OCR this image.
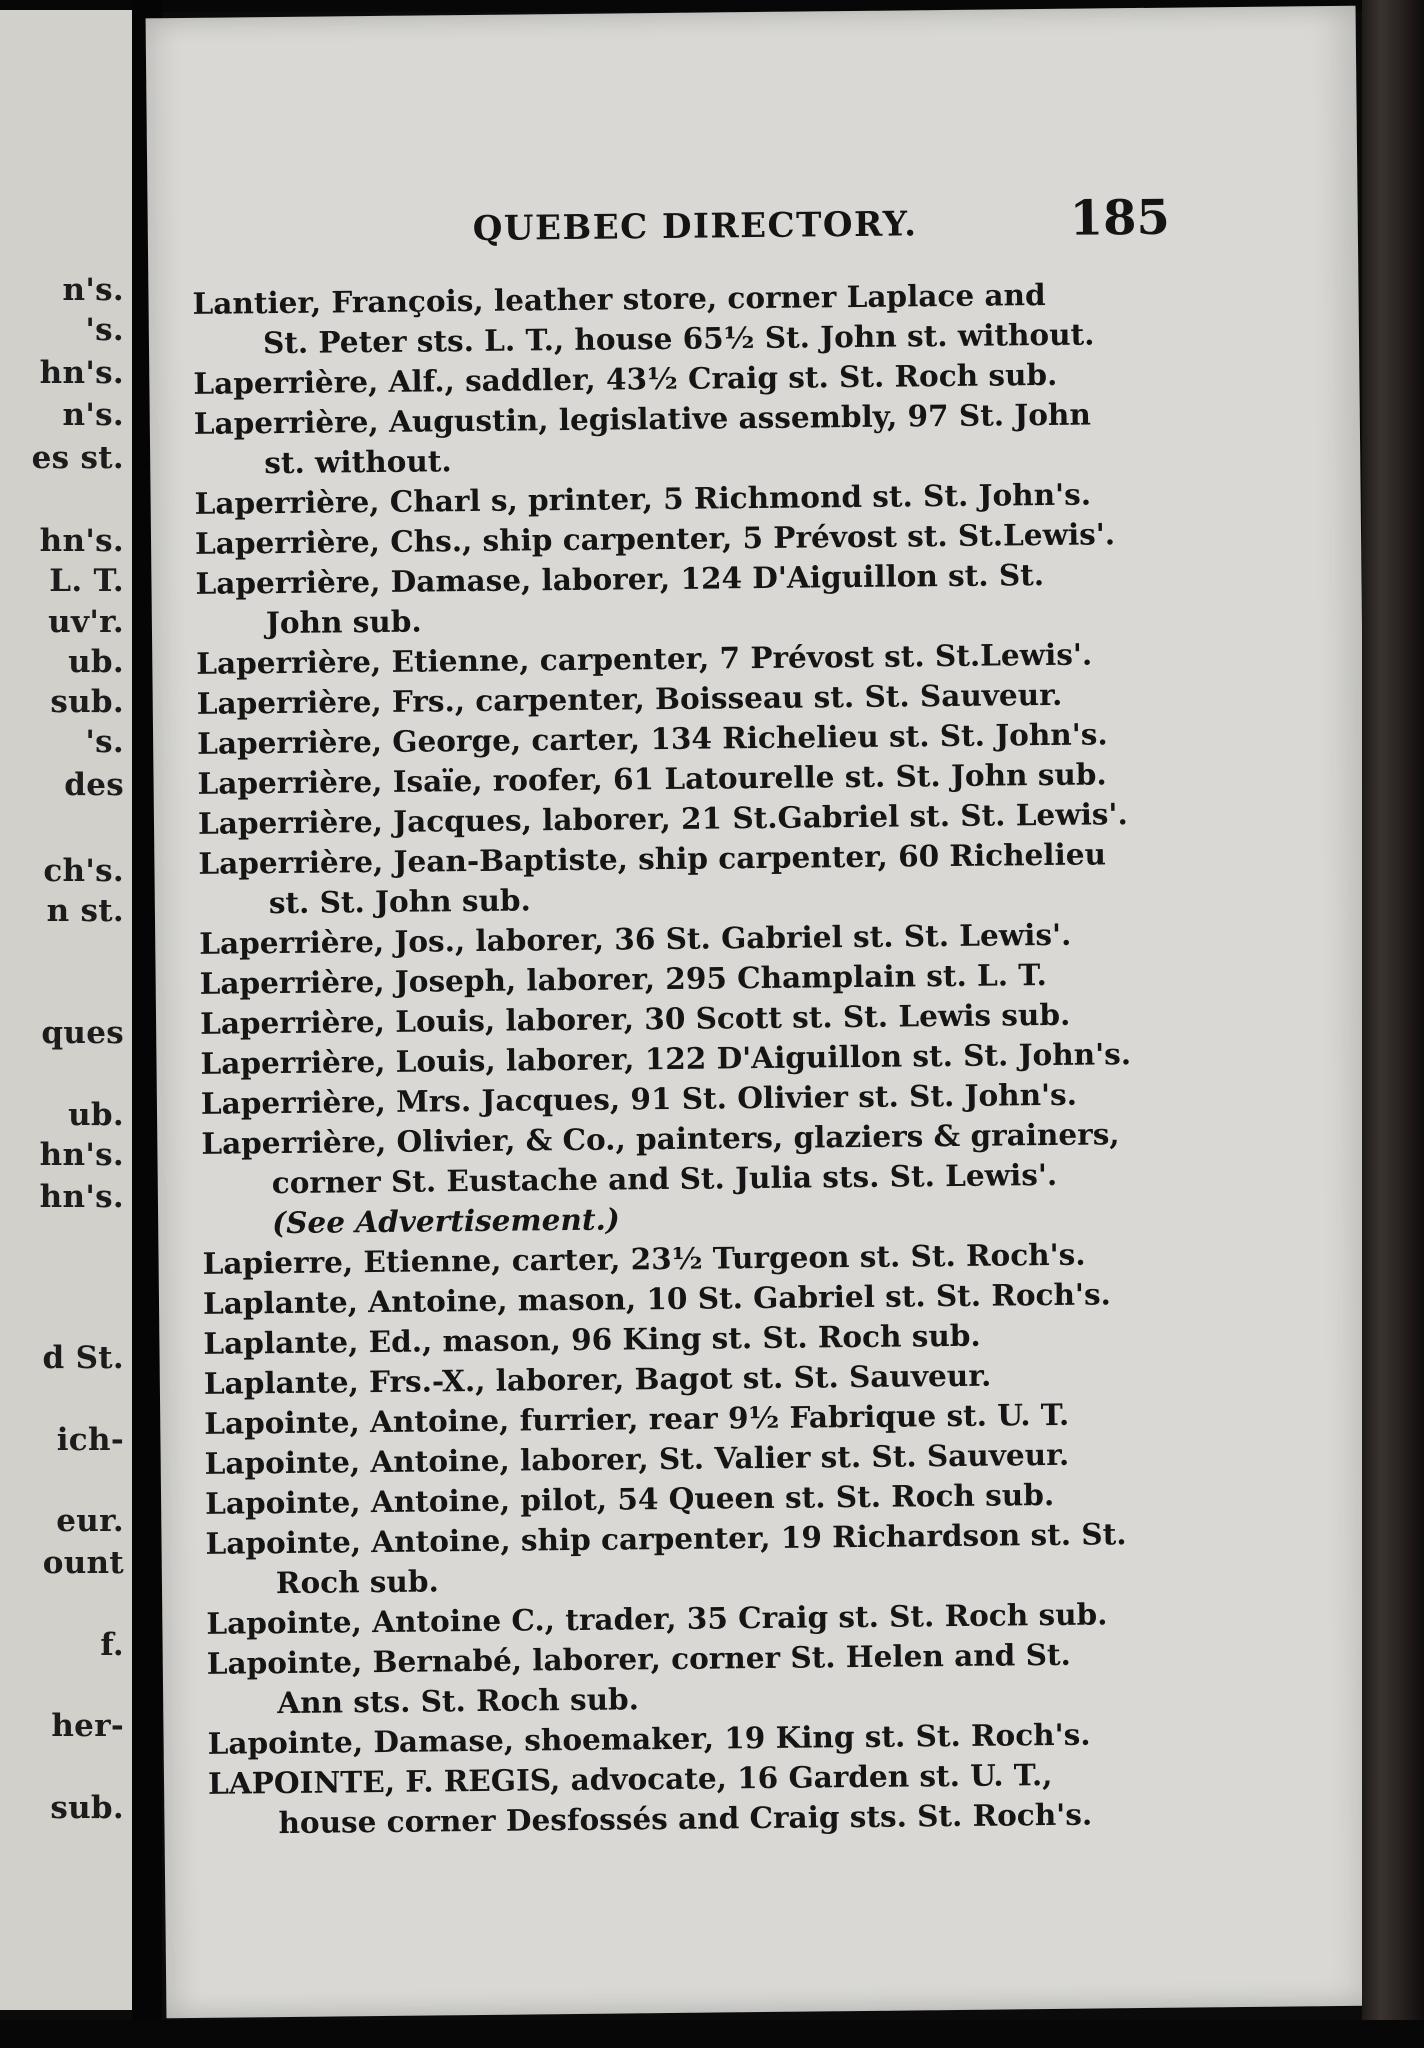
n's.
's.
hn's.
n's.
es st.
hn's.
L. T.
uv'r.
ub.
sub.
's.
des
ch's.
n st.
ques
ub.
hn's.
hn's.
d St.
ich-
eur.
ount
f.
her-
sub.
QUEBEC DIRECTORY.	185
Lantier, François, leather store, corner Laplace and
St. Peter sts. L. T., house 65½ St. John st. without.
Laperrière, Alf., saddler, 43½ Craig st. St. Roch sub.
Laperrière, Augustin, legislative assembly, 97 St. John
st. without.
Laperrière, Charl s, printer, 5 Richmond st. St. John's.
Laperrière, Chs., ship carpenter, 5 Prévost st. St.Lewis'.
Laperrière, Damase, laborer, 124 D'Aiguillon st. St.
John sub.
Laperrière, Etienne, carpenter, 7 Prévost st. St.Lewis'.
Laperrière, Frs., carpenter, Boisseau st. St. Sauveur.
Laperrière, George, carter, 134 Richelieu st. St. John's.
Laperrière, Isaïe, roofer, 61 Latourelle st. St. John sub.
Laperrière, Jacques, laborer, 21 St.Gabriel st. St. Lewis'.
Laperrière, Jean-Baptiste, ship carpenter, 60 Richelieu
st. St. John sub.
Laperrière, Jos., laborer, 36 St. Gabriel st. St. Lewis'.
Laperrière, Joseph, laborer, 295 Champlain st. L. T.
Laperrière, Louis, laborer, 30 Scott st. St. Lewis sub.
Laperrière, Louis, laborer, 122 D'Aiguillon st. St. John's.
Laperrière, Mrs. Jacques, 91 St. Olivier st. St. John's.
Laperrière, Olivier, & Co., painters, glaziers & grainers,
corner St. Eustache and St. Julia sts. St. Lewis'.
(See Advertisement.)
Lapierre, Etienne, carter, 23½ Turgeon st. St. Roch's.
Laplante, Antoine, mason, 10 St. Gabriel st. St. Roch's.
Laplante, Ed., mason, 96 King st. St. Roch sub.
Laplante, Frs.-X., laborer, Bagot st. St. Sauveur.
Lapointe, Antoine, furrier, rear 9½ Fabrique st. U. T.
Lapointe, Antoine, laborer, St. Valier st. St. Sauveur.
Lapointe, Antoine, pilot, 54 Queen st. St. Roch sub.
Lapointe, Antoine, ship carpenter, 19 Richardson st. St.
Roch sub.
Lapointe, Antoine C., trader, 35 Craig st. St. Roch sub.
Lapointe, Bernabé, laborer, corner St. Helen and St.
Ann sts. St. Roch sub.
Lapointe, Damase, shoemaker, 19 King st. St. Roch's.
LAPOINTE, F. REGIS, advocate, 16 Garden st. U. T.,
house corner Desfossés and Craig sts. St. Roch's.
